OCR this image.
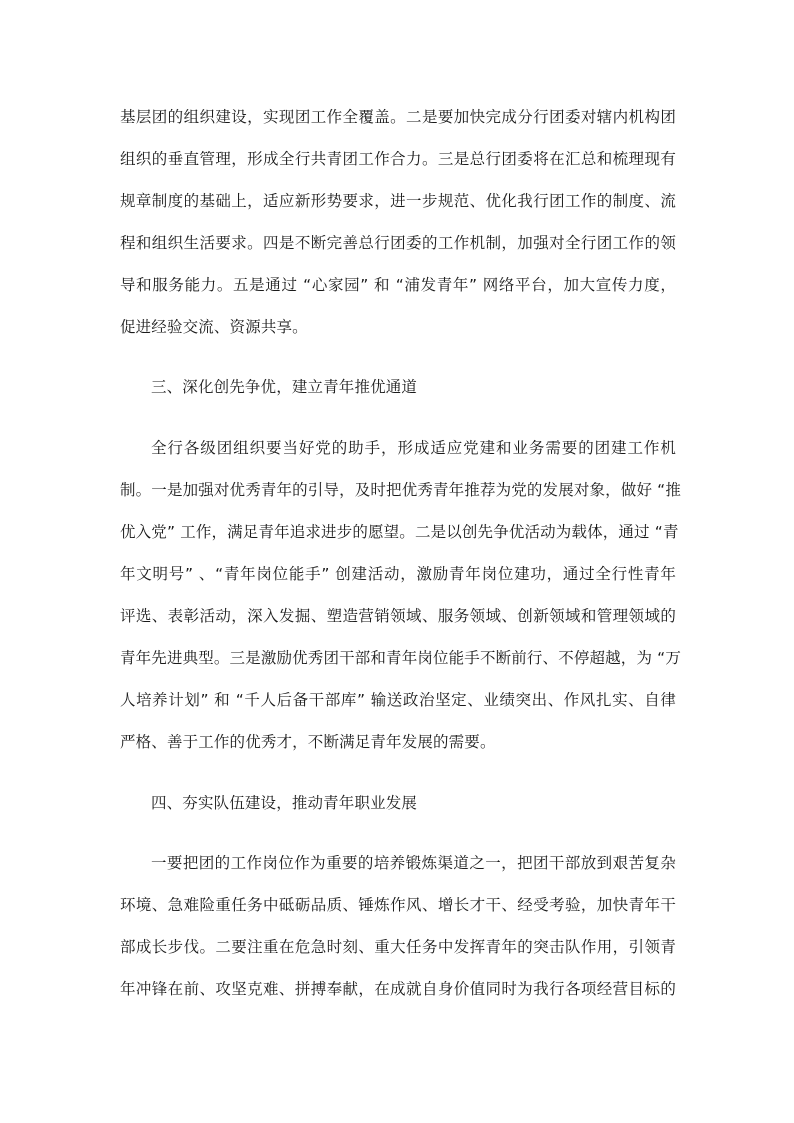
基层团的组织建设，实现团工作全覆盖。二是要加快完成分行团委对辖内机构团
组织的垂直管理，形成全行共青团工作合力。三是总行团委将在汇总和梳理现有
规章制度的基础上，适应新形势要求，进一步规范、优化我行团工作的制度、流
程和组织生活要求。四是不断完善总行团委的工作机制，加强对全行团工作的领
导和服务能力。五是通过 “心家园” 和 “浦发青年” 网络平台，加大宣传力度，
促进经验交流、资源共享。
三、深化创先争优，建立青年推优通道
全行各级团组织要当好党的助手，形成适应党建和业务需要的团建工作机
制。一是加强对优秀青年的引导，及时把优秀青年推荐为党的发展对象，做好 “推
优入党” 工作，满足青年追求进步的愿望。二是以创先争优活动为载体，通过 “青
年文明号” 、“青年岗位能手” 创建活动，激励青年岗位建功，通过全行性青年
评选、表彰活动，深入发掘、塑造营销领域、服务领域、创新领域和管理领域的
青年先进典型。三是激励优秀团干部和青年岗位能手不断前行、不停超越，为 “万
人培养计划” 和 “千人后备干部库” 输送政治坚定、业绩突出、作风扎实、自律
严格、善于工作的优秀才，不断满足青年发展的需要。
四、夯实队伍建设，推动青年职业发展
一要把团的工作岗位作为重要的培养锻炼渠道之一，把团干部放到艰苦复杂
环境、急难险重任务中砥砺品质、锤炼作风、增长才干、经受考验，加快青年干
部成长步伐。二要注重在危急时刻、重大任务中发挥青年的突击队作用，引领青
年冲锋在前、攻坚克难、拼搏奉献，在成就自身价值同时为我行各项经营目标的
